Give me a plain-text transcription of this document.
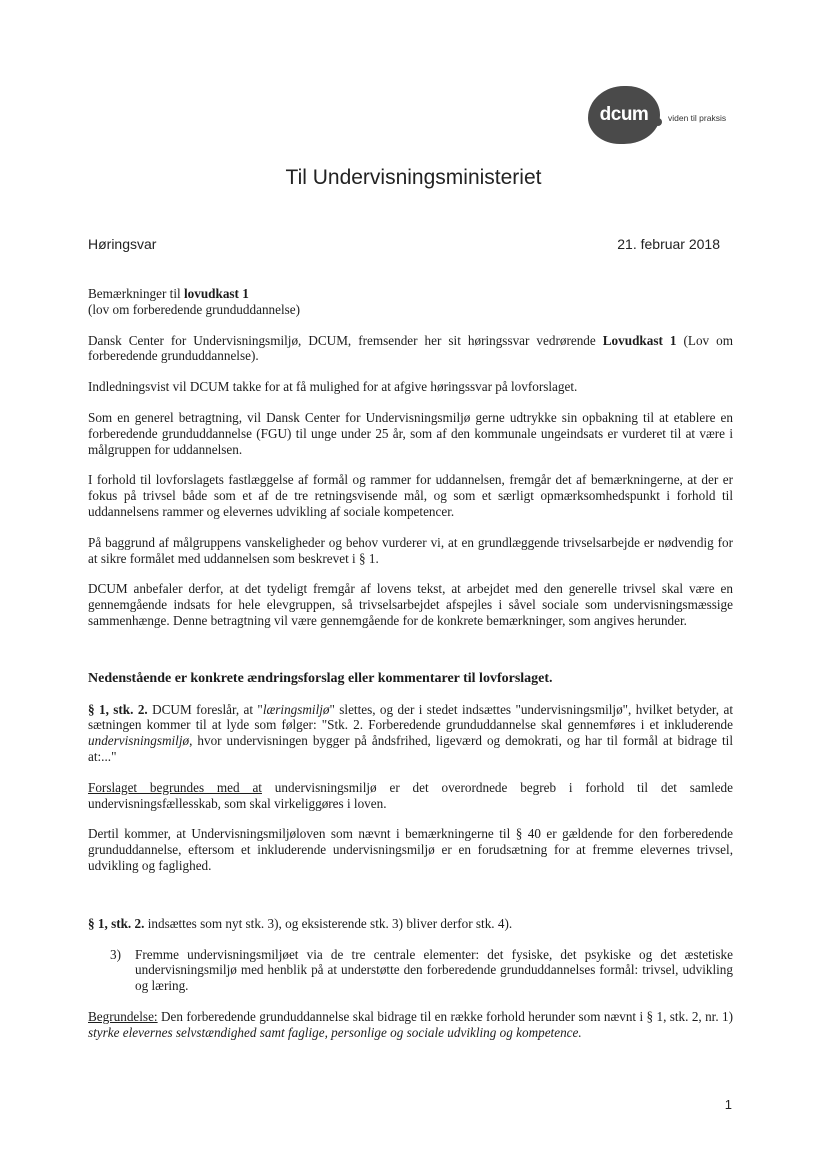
dcum	viden til praksis
Til Undervisningsministeriet
Høringsvar	21. februar 2018

Bemærkninger til lovudkast 1
(lov om forberedende grunduddannelse)

Dansk Center for Undervisningsmiljø, DCUM, fremsender her sit høringssvar vedrørende Lovudkast 1 (Lov om forberedende grunduddannelse).

Indledningsvist vil DCUM takke for at få mulighed for at afgive høringssvar på lovforslaget.

Som en generel betragtning, vil Dansk Center for Undervisningsmiljø gerne udtrykke sin opbakning til at etablere en forberedende grunduddannelse (FGU) til unge under 25 år, som af den kommunale ungeindsats er vurderet til at være i målgruppen for uddannelsen.

I forhold til lovforslagets fastlæggelse af formål og rammer for uddannelsen, fremgår det af bemærkningerne, at der er fokus på trivsel både som et af de tre retningsvisende mål, og som et særligt opmærksomhedspunkt i forhold til uddannelsens rammer og elevernes udvikling af sociale kompetencer.

På baggrund af målgruppens vanskeligheder og behov vurderer vi, at en grundlæggende trivselsarbejde er nødvendig for at sikre formålet med uddannelsen som beskrevet i § 1.

DCUM anbefaler derfor, at det tydeligt fremgår af lovens tekst, at arbejdet med den generelle trivsel skal være en gennemgående indsats for hele elevgruppen, så trivselsarbejdet afspejles i såvel sociale som undervisningsmæssige sammenhænge. Denne betragtning vil være gennemgående for de konkrete bemærkninger, som angives herunder.

Nedenstående er konkrete ændringsforslag eller kommentarer til lovforslaget.

§ 1, stk. 2. DCUM foreslår, at "læringsmiljø" slettes, og der i stedet indsættes "undervisningsmiljø", hvilket betyder, at sætningen kommer til at lyde som følger: "Stk. 2. Forberedende grunduddannelse skal gennemføres i et inkluderende undervisningsmiljø, hvor undervisningen bygger på åndsfrihed, ligeværd og demokrati, og har til formål at bidrage til at:..."

Forslaget begrundes med at undervisningsmiljø er det overordnede begreb i forhold til det samlede undervisningsfællesskab, som skal virkeliggøres i loven.

Dertil kommer, at Undervisningsmiljøloven som nævnt i bemærkningerne til § 40 er gældende for den forberedende grunduddannelse, eftersom et inkluderende undervisningsmiljø er en forudsætning for at fremme elevernes trivsel, udvikling og faglighed.

§ 1, stk. 2. indsættes som nyt stk. 3), og eksisterende stk. 3) bliver derfor stk. 4).

3)	Fremme undervisningsmiljøet via de tre centrale elementer: det fysiske, det psykiske og det æstetiske undervisningsmiljø med henblik på at understøtte den forberedende grunduddannelses formål: trivsel, udvikling og læring.

Begrundelse: Den forberedende grunduddannelse skal bidrage til en række forhold herunder som nævnt i § 1, stk. 2, nr. 1) styrke elevernes selvstændighed samt faglige, personlige og sociale udvikling og kompetence.

1
